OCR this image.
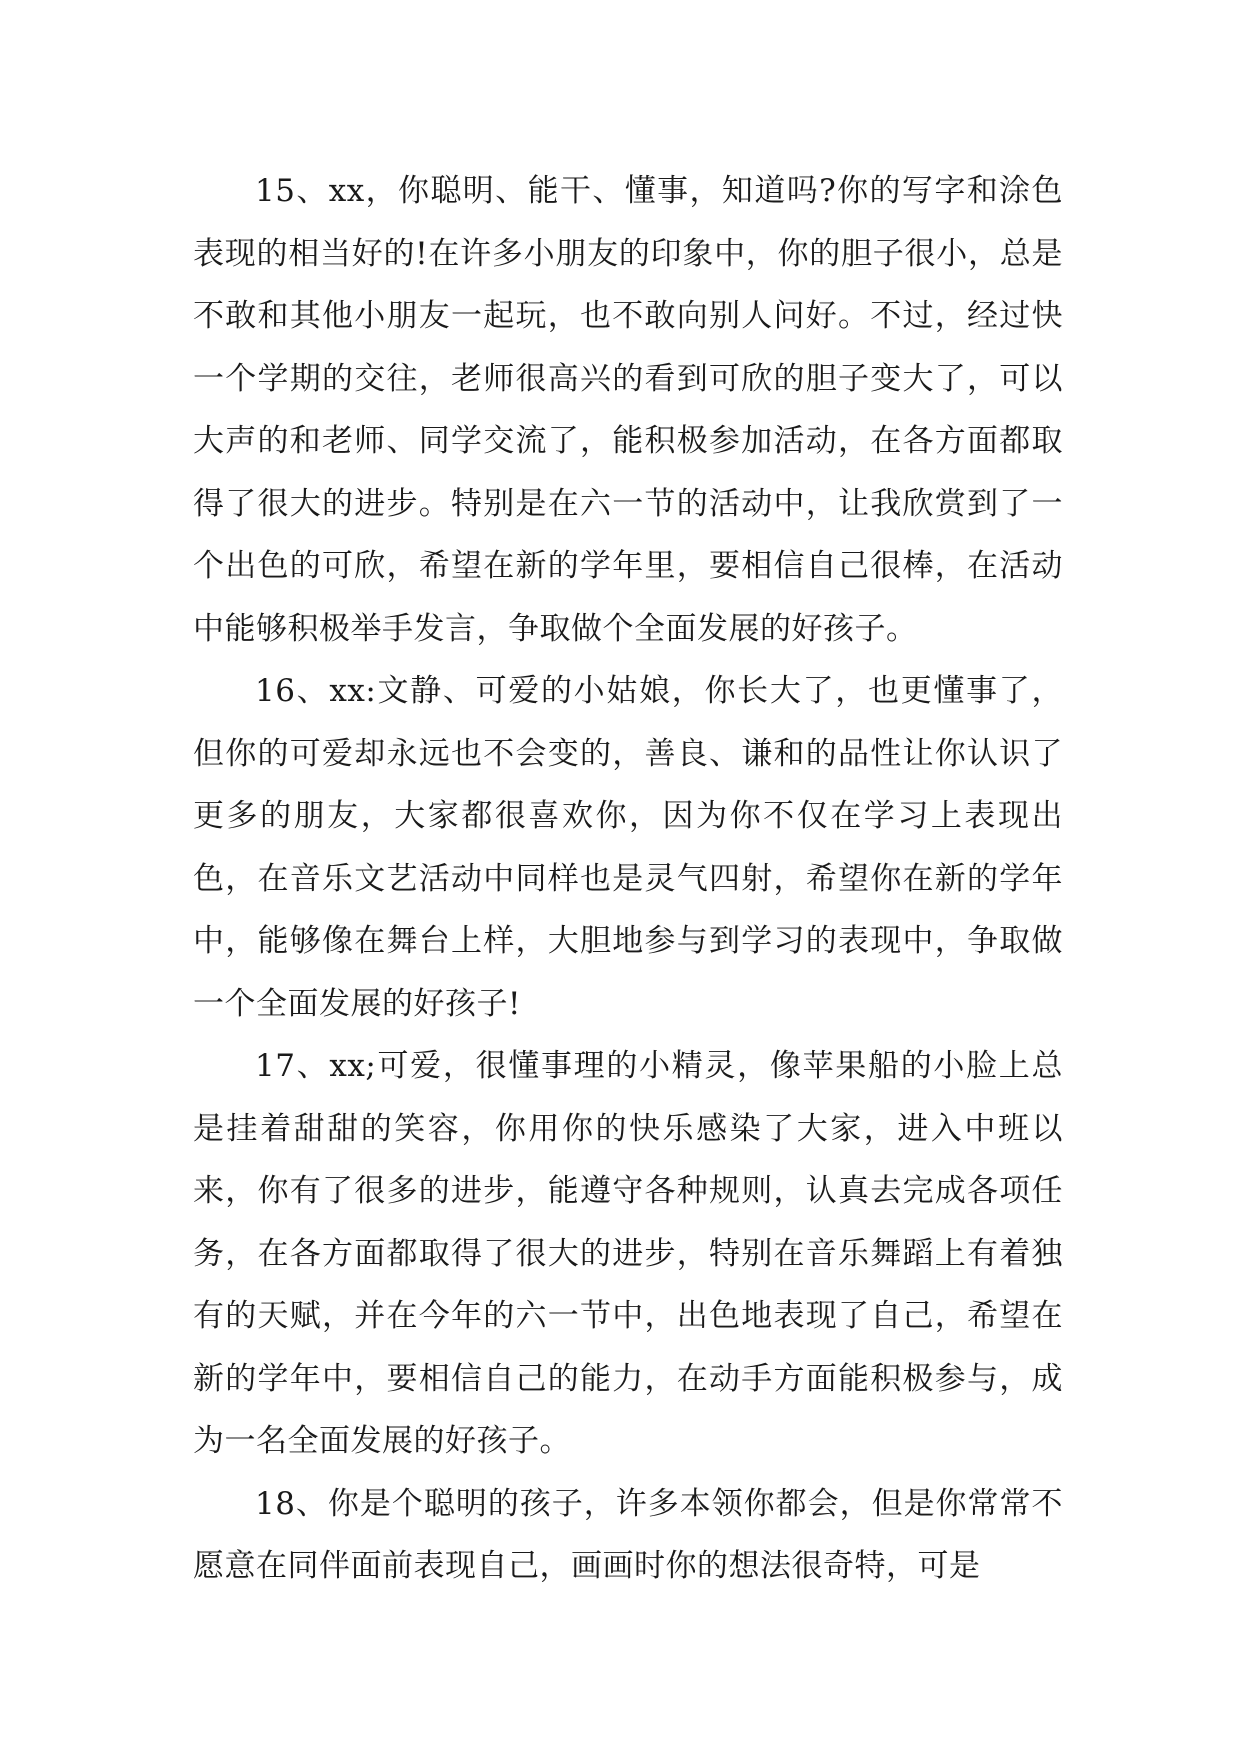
15、xx，你聪明、能干、懂事，知道吗?你的写字和涂色表现的相当好的!在许多小朋友的印象中，你的胆子很小，总是不敢和其他小朋友一起玩，也不敢向别人问好。不过，经过快一个学期的交往，老师很高兴的看到可欣的胆子变大了，可以大声的和老师、同学交流了，能积极参加活动，在各方面都取得了很大的进步。特别是在六一节的活动中，让我欣赏到了一个出色的可欣，希望在新的学年里，要相信自己很棒，在活动中能够积极举手发言，争取做个全面发展的好孩子。

16、xx:文静、可爱的小姑娘，你长大了，也更懂事了，但你的可爱却永远也不会变的，善良、谦和的品性让你认识了更多的朋友，大家都很喜欢你，因为你不仅在学习上表现出色，在音乐文艺活动中同样也是灵气四射，希望你在新的学年中，能够像在舞台上样，大胆地参与到学习的表现中，争取做一个全面发展的好孩子!

17、xx;可爱，很懂事理的小精灵，像苹果船的小脸上总是挂着甜甜的笑容，你用你的快乐感染了大家，进入中班以来，你有了很多的进步，能遵守各种规则，认真去完成各项任务，在各方面都取得了很大的进步，特别在音乐舞蹈上有着独有的天赋，并在今年的六一节中，出色地表现了自己，希望在新的学年中，要相信自己的能力，在动手方面能积极参与，成为一名全面发展的好孩子。

18、你是个聪明的孩子，许多本领你都会，但是你常常不愿意在同伴面前表现自己，画画时你的想法很奇特，可是
